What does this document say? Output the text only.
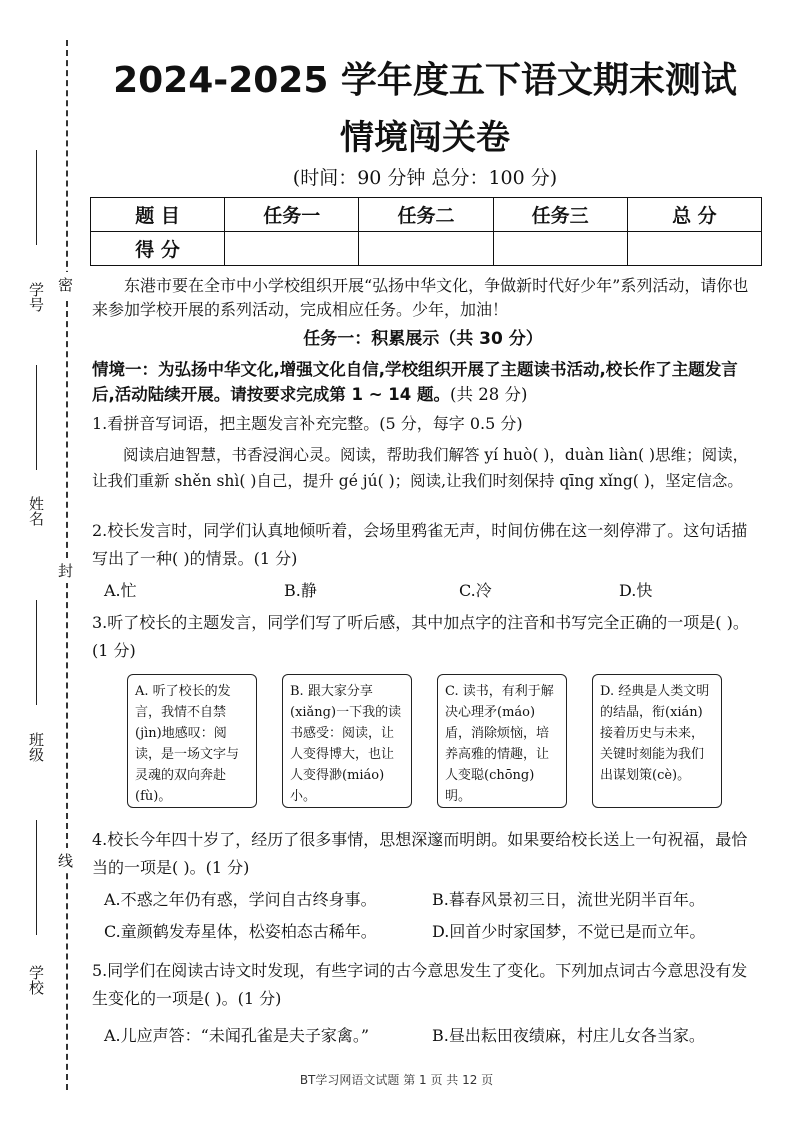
学号
姓名
班级
学校
密
封
线
2024-2025 学年度五下语文期末测试
情境闯关卷
(时间：90 分钟 总分：100 分)
题 目	任务一	任务二	任务三	总 分
得 分				
东港市要在全市中小学校组织开展“弘扬中华文化，争做新时代好少年”系列活动，请你也来参加学校开展的系列活动，完成相应任务。少年，加油！
任务一：积累展示（共 30 分）
情境一：为弘扬中华文化,增强文化自信,学校组织开展了主题读书活动,校长作了主题发言后,活动陆续开展。请按要求完成第 1 ~ 14 题。(共 28 分)
1.看拼音写词语，把主题发言补充完整。(5 分，每字 0.5 分)
阅读启迪智慧，书香浸润心灵。阅读，帮助我们解答 yí huò( )，duàn liàn( )思维；阅读，让我们重新 shěn shì( )自己，提升 gé jú( )；阅读,让我们时刻保持 qīng xǐng( )，坚定信念。
2.校长发言时，同学们认真地倾听着，会场里鸦雀无声，时间仿佛在这一刻停滞了。这句话描写出了一种( )的情景。(1 分)
A.忙	B.静	C.冷	D.快
3.听了校长的主题发言，同学们写了听后感，其中加点字的注音和书写完全正确的一项是( )。(1 分)
A. 听了校长的发言，我情不自禁(jìn)地感叹：阅读，是一场文字与灵魂的双向奔赴(fù)。
B. 跟大家分享(xiǎng)一下我的读书感受：阅读，让人变得博大，也让人变得渺(miáo)小。
C. 读书，有利于解决心理矛(máo)盾，消除烦恼，培养高雅的情趣，让人变聪(chōng)明。
D. 经典是人类文明的结晶，衔(xián)接着历史与未来，关键时刻能为我们出谋划策(cè)。
4.校长今年四十岁了，经历了很多事情，思想深邃而明朗。如果要给校长送上一句祝福，最恰当的一项是( )。(1 分)
A.不惑之年仍有惑，学问自古终身事。	B.暮春风景初三日，流世光阴半百年。
C.童颜鹤发寿星体，松姿柏态古稀年。	D.回首少时家国梦，不觉已是而立年。
5.同学们在阅读古诗文时发现，有些字词的古今意思发生了变化。下列加点词古今意思没有发生变化的一项是( )。(1 分)
A.儿应声答：“未闻孔雀是夫子家禽。”	B.昼出耘田夜绩麻，村庄儿女各当家。
BT学习网语文试题 第 1 页 共 12 页
